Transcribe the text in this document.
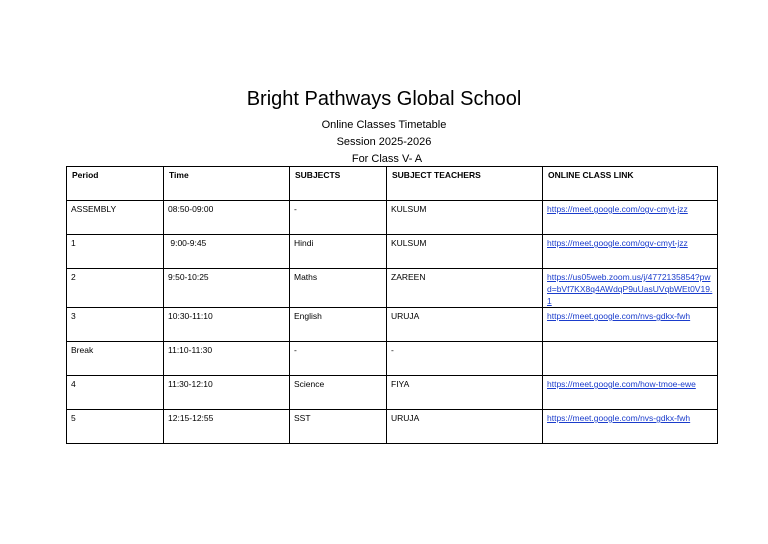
Bright Pathways Global School
Online Classes Timetable
Session 2025-2026
For Class V- A
Period	Time	SUBJECTS	SUBJECT TEACHERS	ONLINE CLASS LINK
ASSEMBLY	08:50-09:00	-	KULSUM	https://meet.google.com/ogv-cmyt-jzz
1	9:00-9:45	Hindi	KULSUM	https://meet.google.com/ogv-cmyt-jzz
2	9:50-10:25	Maths	ZAREEN	https://us05web.zoom.us/j/4772135854?pwd=bVf7KX8q4AWdqP9uUasUVqbWEt0V19.1
3	10:30-11:10	English	URUJA	https://meet.google.com/nvs-gdkx-fwh
Break	11:10-11:30	-	-	
4	11:30-12:10	Science	FIYA	https://meet.google.com/how-tmoe-ewe
5	12:15-12:55	SST	URUJA	https://meet.google.com/nvs-gdkx-fwh
